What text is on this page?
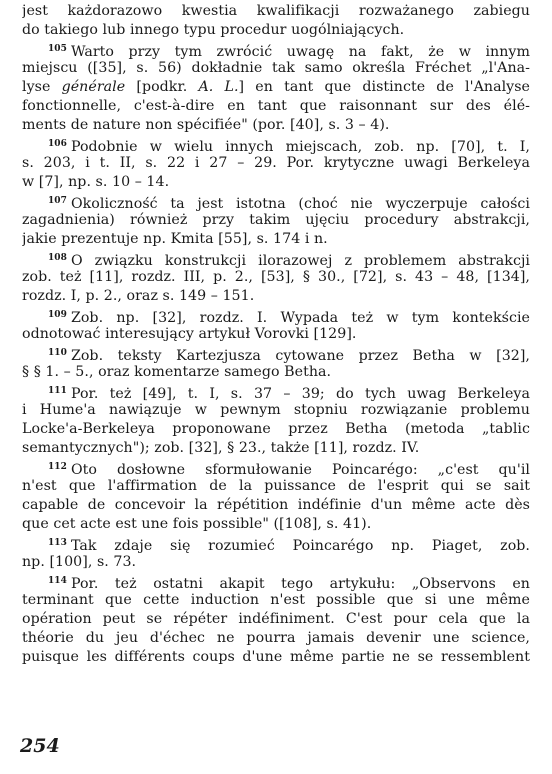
jest każdorazowo kwestia kwalifikacji rozważanego zabiegu
do takiego lub innego typu procedur uogólniających.
$^{105}$ Warto przy tym zwrócić uwagę na fakt, że w innym
miejscu ([35], s. 56) dokładnie tak samo określa Fréchet „l'Ana-
lyse générale [podkr. A. L.] en tant que distincte de l'Analyse
fonctionnelle, c'est-à-dire en tant que raisonnant sur des élé-
ments de nature non spécifiée" (por. [40], s. 3 – 4).
$^{106}$ Podobnie w wielu innych miejscach, zob. np. [70], t. I,
s. 203, i t. II, s. 22 i 27 – 29. Por. krytyczne uwagi Berkeleya
w [7], np. s. 10 – 14.
$^{107}$ Okoliczność ta jest istotna (choć nie wyczerpuje całości
zagadnienia) również przy takim ujęciu procedury abstrakcji,
jakie prezentuje np. Kmita [55], s. 174 i n.
$^{108}$ O związku konstrukcji ilorazowej z problemem abstrakcji
zob. też [11], rozdz. III, p. 2., [53], § 30., [72], s. 43 – 48, [134],
rozdz. I, p. 2., oraz s. 149 – 151.
$^{109}$ Zob. np. [32], rozdz. I. Wypada też w tym kontekście
odnotować interesujący artykuł Vorovki [129].
$^{110}$ Zob. teksty Kartezjusza cytowane przez Betha w [32],
§ § 1. – 5., oraz komentarze samego Betha.
$^{111}$ Por. też [49], t. I, s. 37 – 39; do tych uwag Berkeleya
i Hume'a nawiązuje w pewnym stopniu rozwiązanie problemu
Locke'a-Berkeleya proponowane przez Betha (metoda „tablic
semantycznych"); zob. [32], § 23., także [11], rozdz. IV.
$^{112}$ Oto dosłowne sformułowanie Poincarégo: „c'est qu'il
n'est que l'affirmation de la puissance de l'esprit qui se sait
capable de concevoir la répétition indéfinie d'un même acte dès
que cet acte est une fois possible" ([108], s. 41).
$^{113}$ Tak zdaje się rozumieć Poincarégo np. Piaget, zob.
np. [100], s. 73.
$^{114}$ Por. też ostatni akapit tego artykułu: „Observons en
terminant que cette induction n'est possible que si une même
opération peut se répéter indéfiniment. C'est pour cela que la
théorie du jeu d'échec ne pourra jamais devenir une science,
puisque les différents coups d'une même partie ne se ressemblent
254
